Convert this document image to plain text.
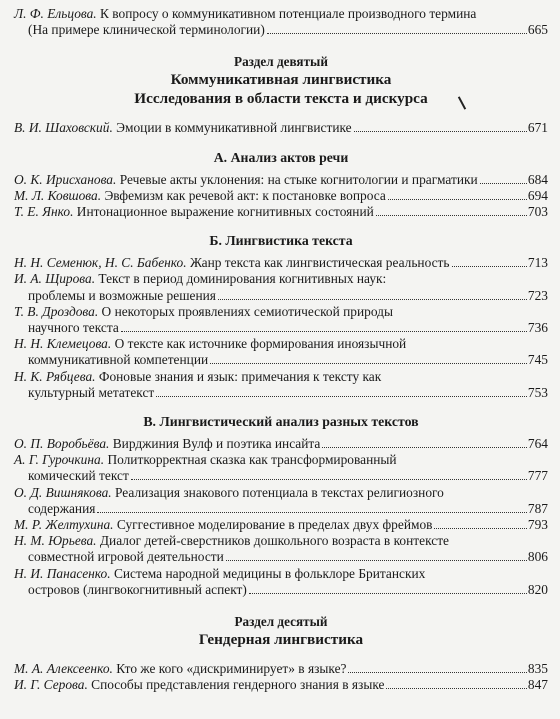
Л. Ф. Ельцова.
К вопросу о коммуникативном потенциале производного термина
(На примере клинической терминологии)	665
Раздел девятый
Коммуникативная лингвистика
Исследования в области текста и дискурса
В. И. Шаховский.
Эмоции в коммуникативной лингвистике	671
А. Анализ актов речи
О. К. Ирисханова.
Речевые акты уклонения: на стыке когнитологии и прагматики	684
М. Л. Ковшова.
Эвфемизм как речевой акт: к постановке вопроса	694
Т. Е. Янко.
Интонационное выражение когнитивных состояний	703
Б. Лингвистика текста
Н. Н. Семенюк, Н. С. Бабенко.
Жанр текста как лингвистическая реальность	713
И. А. Щирова.
Текст в период доминирования когнитивных наук:
проблемы и возможные решения	723
Т. В. Дроздова.
О некоторых проявлениях семиотической природы
научного текста	736
Н. Н. Клемецова.
О тексте как источнике формирования иноязычной
коммуникативной компетенции	745
Н. К. Рябцева.
Фоновые знания и язык: примечания к тексту как
культурный метатекст	753
В. Лингвистический анализ разных текстов
О. П. Воробьёва.
Вирджиния Вулф и поэтика инсайта	764
А. Г. Гурочкина.
Политкорректная сказка как трансформированный
комический текст	777
О. Д. Вишнякова.
Реализация знакового потенциала в текстах религиозного
содержания	787
М. Р. Желтухина.
Суггестивное моделирование в пределах двух фреймов	793
Н. М. Юрьева.
Диалог детей-сверстников дошкольного возраста в контексте
совместной игровой деятельности	806
Н. И. Панасенко.
Система народной медицины в фольклоре Британских
островов (лингвокогнитивный аспект)	820
Раздел десятый
Гендерная лингвистика
М. А. Алексеенко.
Кто же кого «дискриминирует» в языке?	835
И. Г. Серова.
Способы представления гендерного знания в языке	847
